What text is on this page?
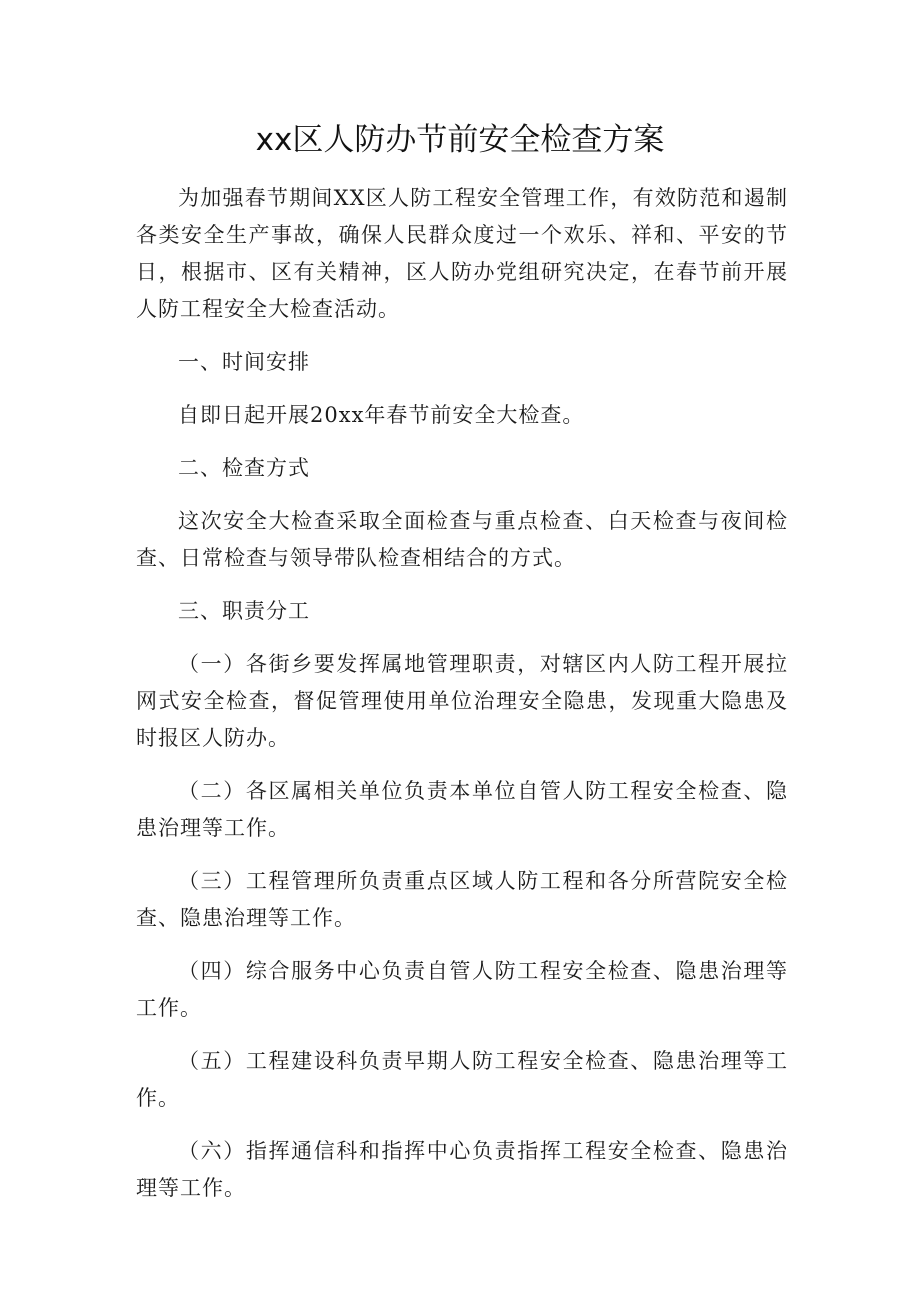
xx区人防办节前安全检查方案

为加强春节期间XX区人防工程安全管理工作，有效防范和遏制各类安全生产事故，确保人民群众度过一个欢乐、祥和、平安的节日，根据市、区有关精神，区人防办党组研究决定，在春节前开展人防工程安全大检查活动。

一、时间安排

自即日起开展20xx年春节前安全大检查。

二、检查方式

这次安全大检查采取全面检查与重点检查、白天检查与夜间检查、日常检查与领导带队检查相结合的方式。

三、职责分工

（一）各街乡要发挥属地管理职责，对辖区内人防工程开展拉网式安全检查，督促管理使用单位治理安全隐患，发现重大隐患及时报区人防办。

（二）各区属相关单位负责本单位自管人防工程安全检查、隐患治理等工作。

（三）工程管理所负责重点区域人防工程和各分所营院安全检查、隐患治理等工作。

（四）综合服务中心负责自管人防工程安全检查、隐患治理等工作。

（五）工程建设科负责早期人防工程安全检查、隐患治理等工作。

（六）指挥通信科和指挥中心负责指挥工程安全检查、隐患治理等工作。
